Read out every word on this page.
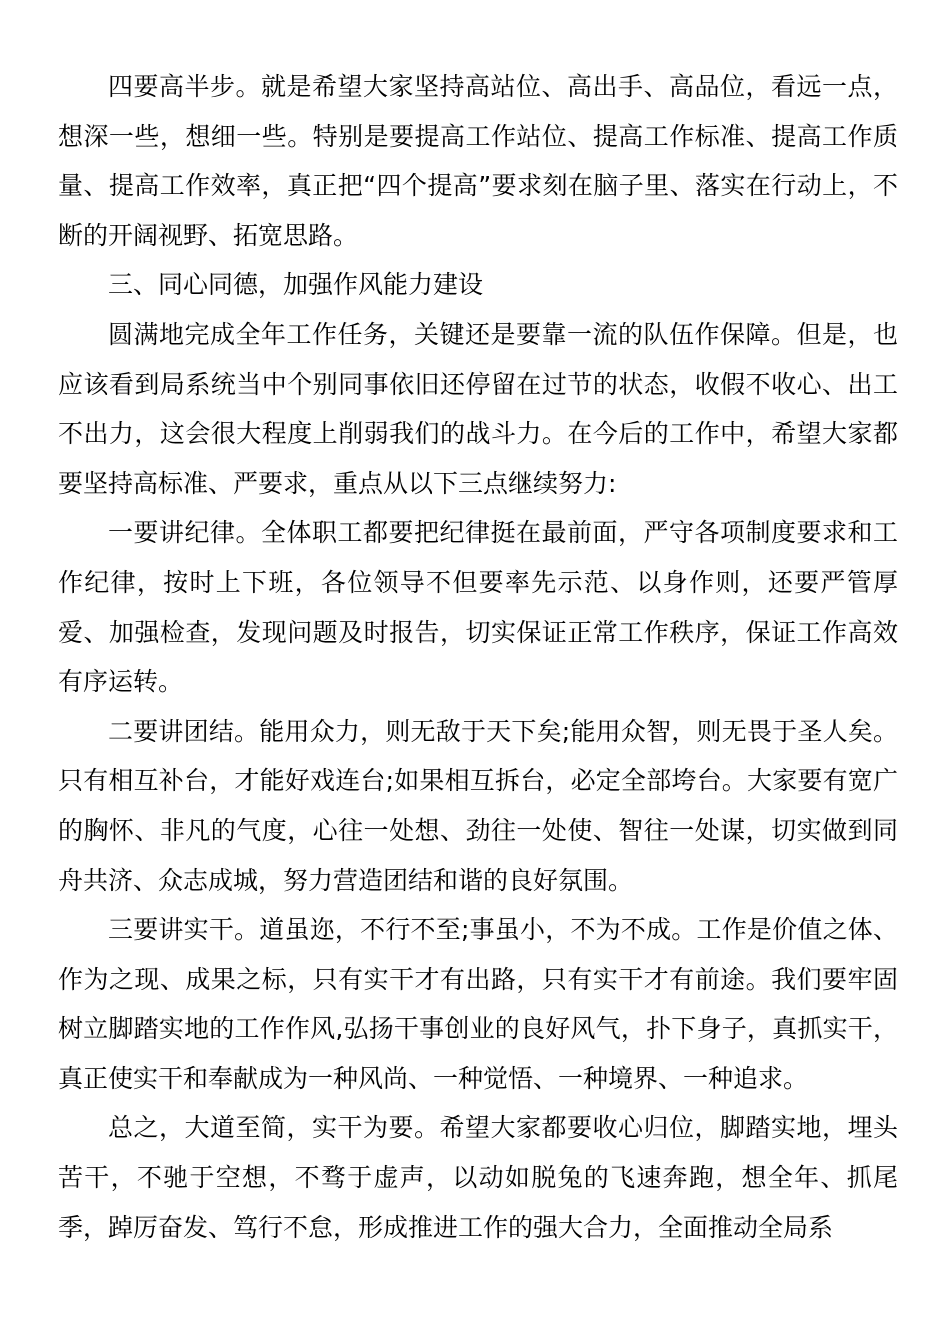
四要高半步。就是希望大家坚持高站位、高出手、高品位，看远一点，想深一些，想细一些。特别是要提高工作站位、提高工作标准、提高工作质量、提高工作效率，真正把“四个提高”要求刻在脑子里、落实在行动上，不断的开阔视野、拓宽思路。

三、同心同德，加强作风能力建设

圆满地完成全年工作任务，关键还是要靠一流的队伍作保障。但是，也应该看到局系统当中个别同事依旧还停留在过节的状态，收假不收心、出工不出力，这会很大程度上削弱我们的战斗力。在今后的工作中，希望大家都要坚持高标准、严要求，重点从以下三点继续努力:

一要讲纪律。全体职工都要把纪律挺在最前面，严守各项制度要求和工作纪律，按时上下班，各位领导不但要率先示范、以身作则，还要严管厚爱、加强检查，发现问题及时报告，切实保证正常工作秩序，保证工作高效有序运转。

二要讲团结。能用众力，则无敌于天下矣;能用众智，则无畏于圣人矣。只有相互补台，才能好戏连台;如果相互拆台，必定全部垮台。大家要有宽广的胸怀、非凡的气度，心往一处想、劲往一处使、智往一处谋，切实做到同舟共济、众志成城，努力营造团结和谐的良好氛围。

三要讲实干。道虽迩，不行不至;事虽小，不为不成。工作是价值之体、作为之现、成果之标，只有实干才有出路，只有实干才有前途。我们要牢固树立脚踏实地的工作作风,弘扬干事创业的良好风气，扑下身子，真抓实干，真正使实干和奉献成为一种风尚、一种觉悟、一种境界、一种追求。

总之，大道至简，实干为要。希望大家都要收心归位，脚踏实地，埋头苦干，不驰于空想，不骛于虚声，以动如脱兔的飞速奔跑，想全年、抓尾季，踔厉奋发、笃行不怠，形成推进工作的强大合力，全面推动全局系
